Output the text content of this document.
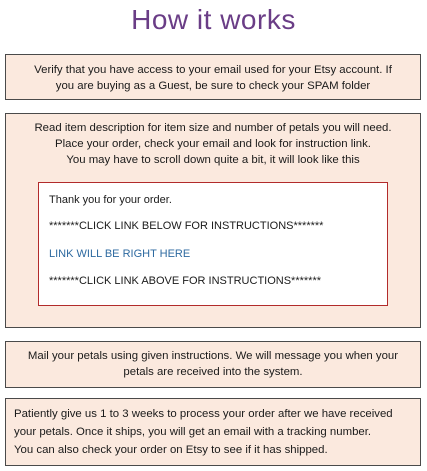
How it works
Verify that you have access to your email used for your Etsy account. If
you are buying as a Guest, be sure to check your SPAM folder
Read item description for item size and number of petals you will need.
Place your order, check your email and look for instruction link.
You may have to scroll down quite a bit, it will look like this
Thank you for your order.
*******CLICK LINK BELOW FOR INSTRUCTIONS*******
LINK WILL BE RIGHT HERE
*******CLICK LINK ABOVE FOR INSTRUCTIONS*******
Mail your petals using given instructions. We will message you when your
petals are received into the system.
Patiently give us 1 to 3 weeks to process your order after we have received
your petals. Once it ships, you will get an email with a tracking number.
You can also check your order on Etsy to see if it has shipped.
